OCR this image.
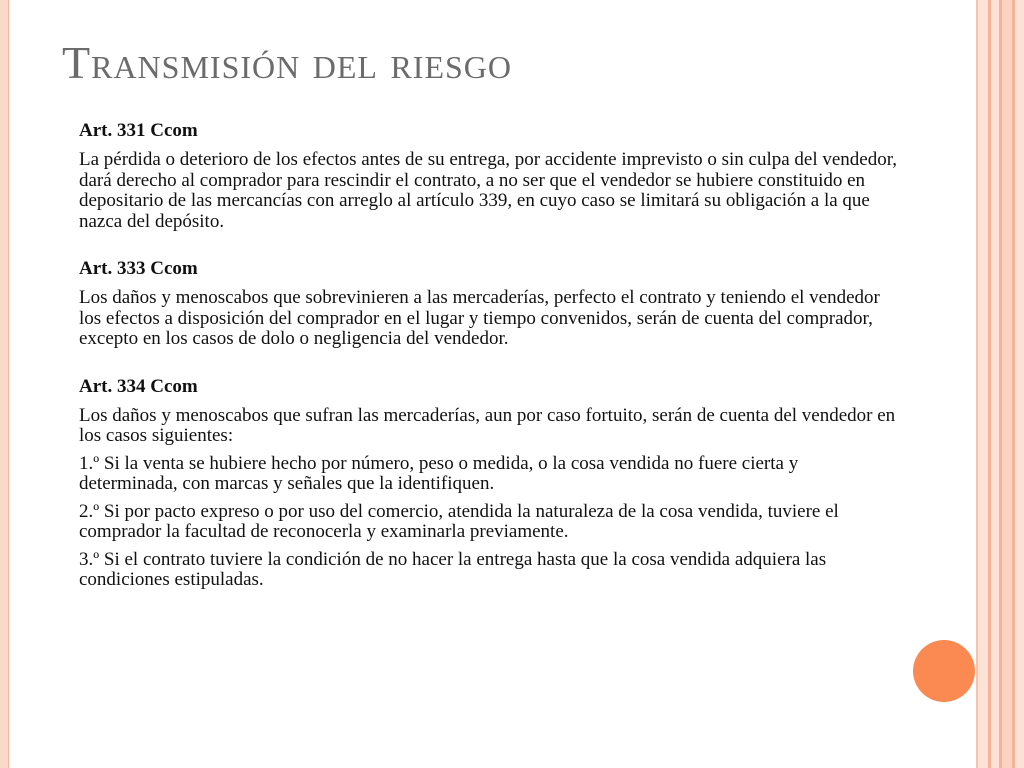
Transmisión del riesgo

Art. 331 Ccom

La pérdida o deterioro de los efectos antes de su entrega, por accidente imprevisto o sin culpa del vendedor, dará derecho al comprador para rescindir el contrato, a no ser que el vendedor se hubiere constituido en depositario de las mercancías con arreglo al artículo 339, en cuyo caso se limitará su obligación a la que nazca del depósito.

Art. 333 Ccom

Los daños y menoscabos que sobrevinieren a las mercaderías, perfecto el contrato y teniendo el vendedor los efectos a disposición del comprador en el lugar y tiempo convenidos, serán de cuenta del comprador, excepto en los casos de dolo o negligencia del vendedor.

Art. 334 Ccom

Los daños y menoscabos que sufran las mercaderías, aun por caso fortuito, serán de cuenta del vendedor en los casos siguientes:

1.º Si la venta se hubiere hecho por número, peso o medida, o la cosa vendida no fuere cierta y determinada, con marcas y señales que la identifiquen.

2.º Si por pacto expreso o por uso del comercio, atendida la naturaleza de la cosa vendida, tuviere el comprador la facultad de reconocerla y examinarla previamente.

3.º Si el contrato tuviere la condición de no hacer la entrega hasta que la cosa vendida adquiera las condiciones estipuladas.
